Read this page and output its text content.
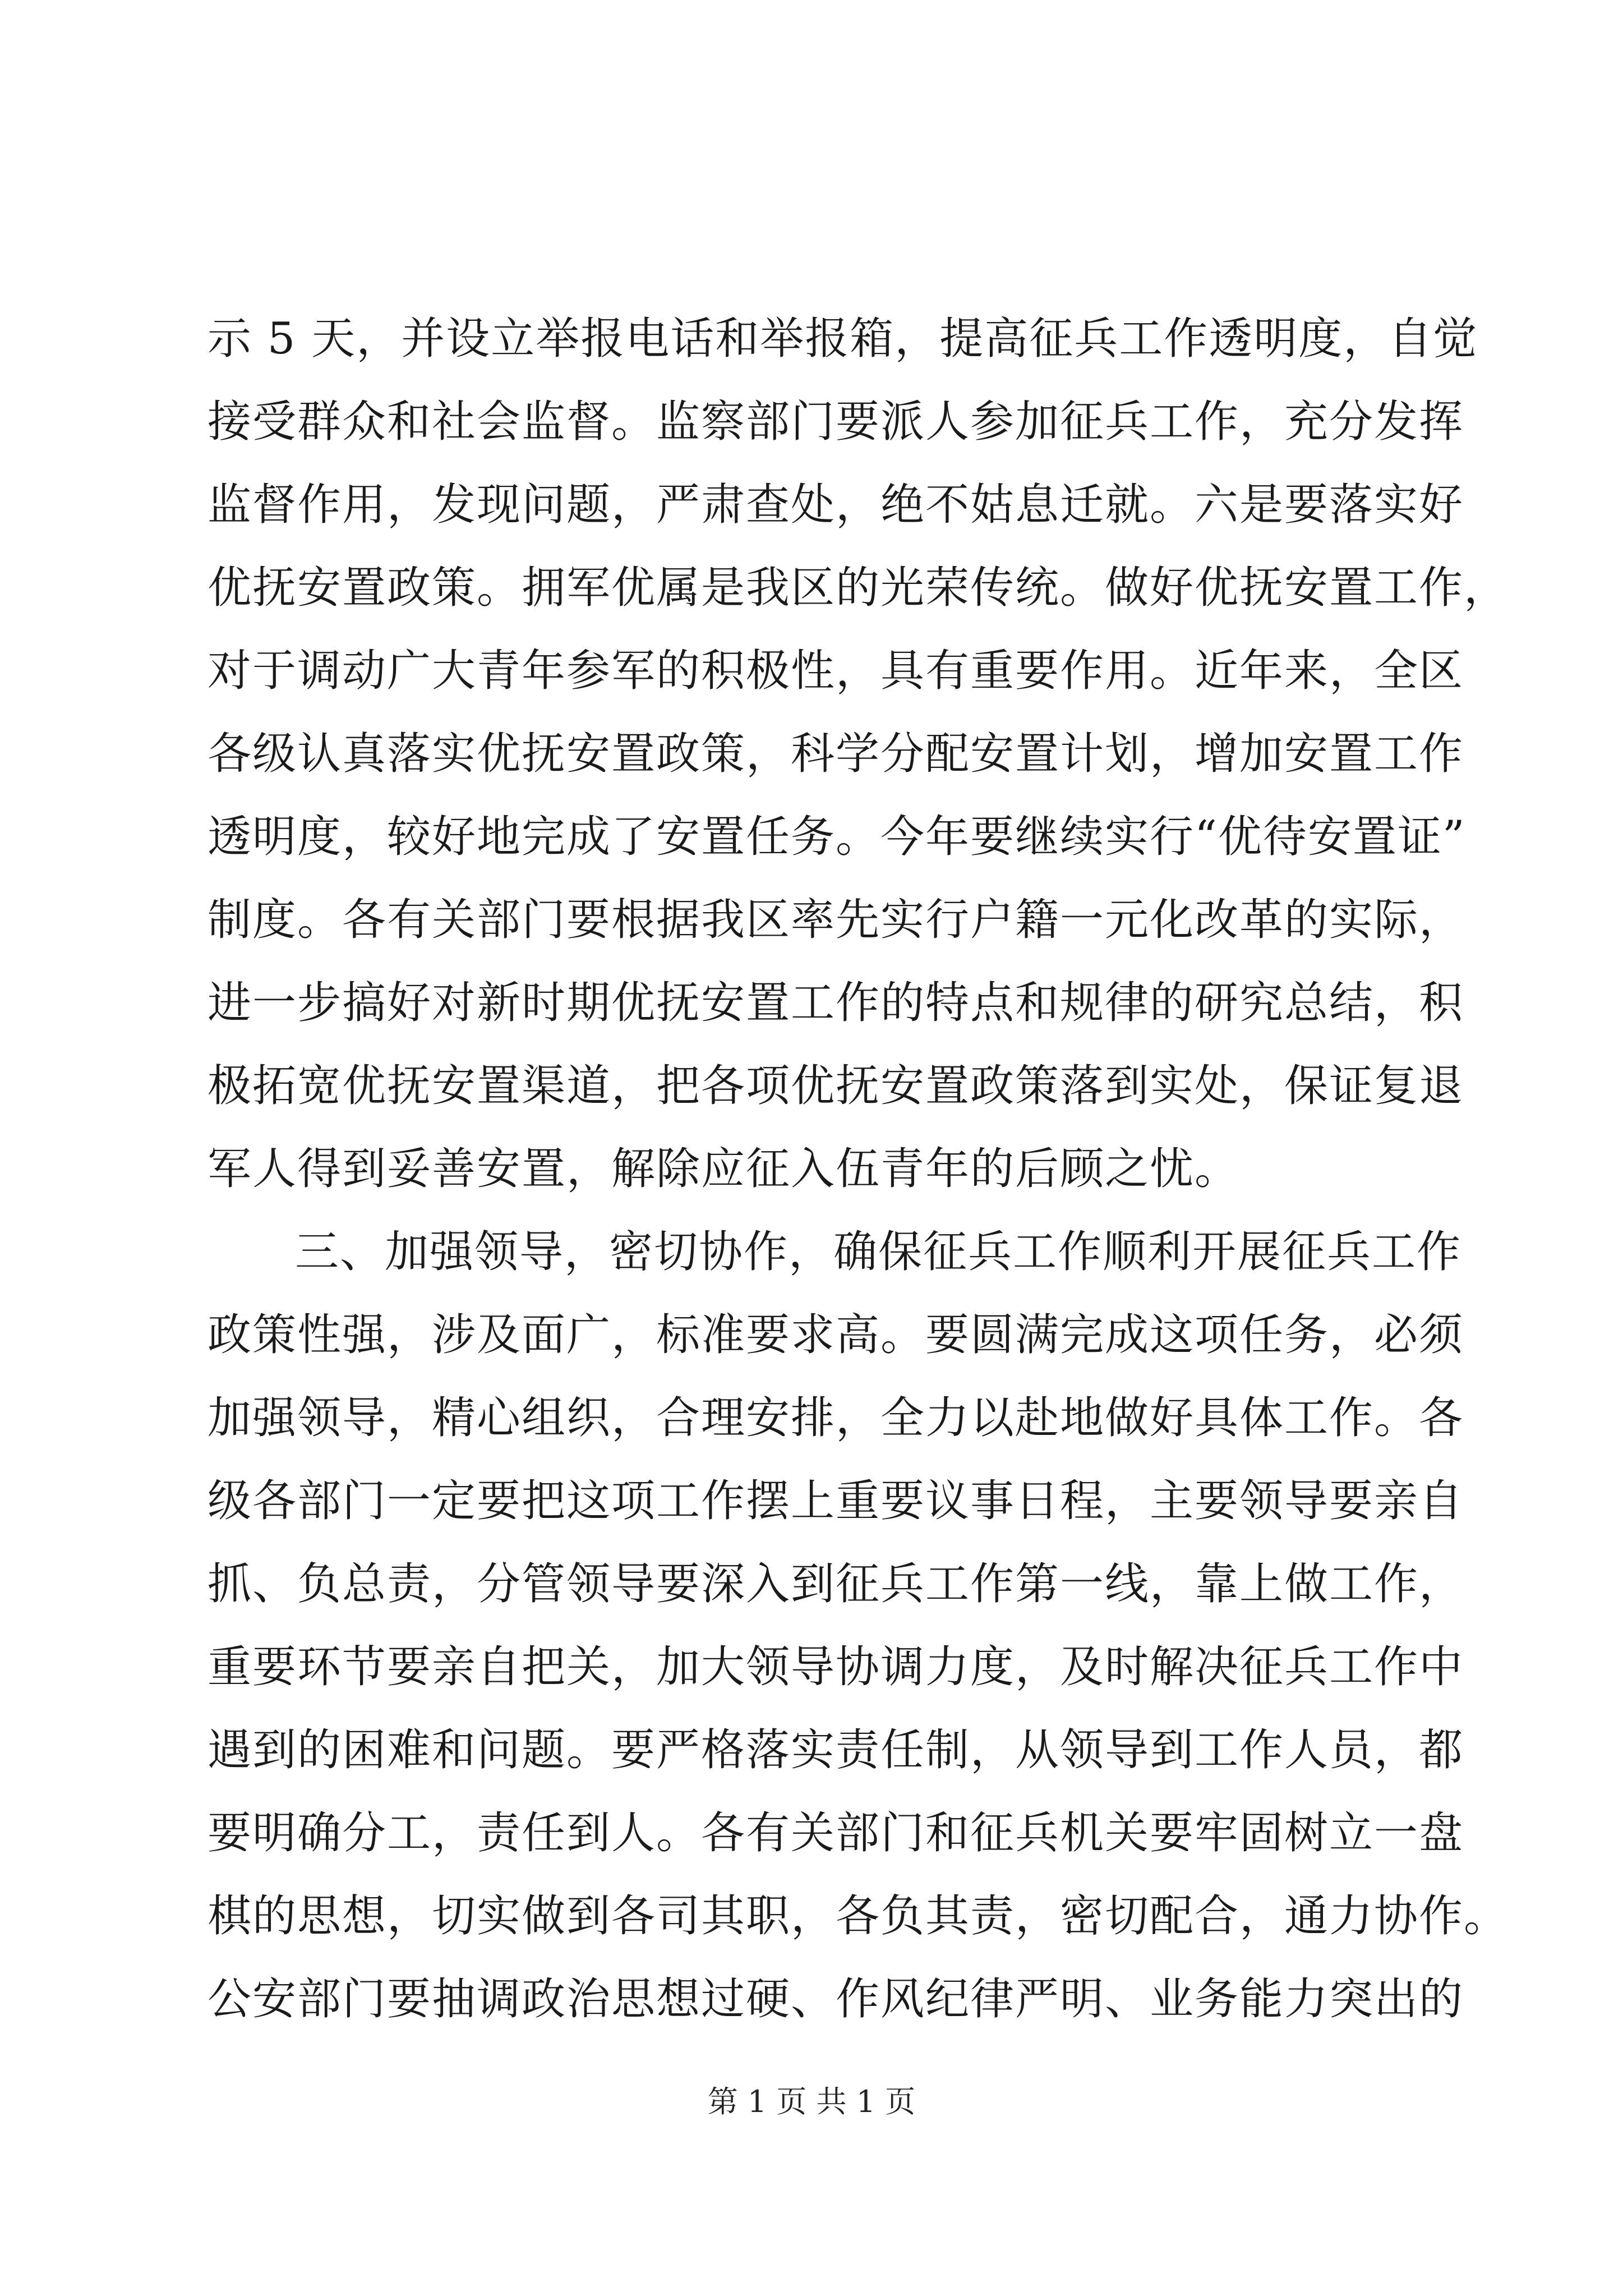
示 5 天，并设立举报电话和举报箱，提高征兵工作透明度，自觉
接受群众和社会监督。监察部门要派人参加征兵工作，充分发挥
监督作用，发现问题，严肃查处，绝不姑息迁就。六是要落实好
优抚安置政策。拥军优属是我区的光荣传统。做好优抚安置工作，
对于调动广大青年参军的积极性，具有重要作用。近年来，全区
各级认真落实优抚安置政策，科学分配安置计划，增加安置工作
透明度，较好地完成了安置任务。今年要继续实行“优待安置证”
制度。各有关部门要根据我区率先实行户籍一元化改革的实际，
进一步搞好对新时期优抚安置工作的特点和规律的研究总结，积
极拓宽优抚安置渠道，把各项优抚安置政策落到实处，保证复退
军人得到妥善安置，解除应征入伍青年的后顾之忧。
三、加强领导，密切协作，确保征兵工作顺利开展征兵工作
政策性强，涉及面广，标准要求高。要圆满完成这项任务，必须
加强领导，精心组织，合理安排，全力以赴地做好具体工作。各
级各部门一定要把这项工作摆上重要议事日程，主要领导要亲自
抓、负总责，分管领导要深入到征兵工作第一线，靠上做工作，
重要环节要亲自把关，加大领导协调力度，及时解决征兵工作中
遇到的困难和问题。要严格落实责任制，从领导到工作人员，都
要明确分工，责任到人。各有关部门和征兵机关要牢固树立一盘
棋的思想，切实做到各司其职，各负其责，密切配合，通力协作。
公安部门要抽调政治思想过硬、作风纪律严明、业务能力突出的
第 1 页 共 1 页
